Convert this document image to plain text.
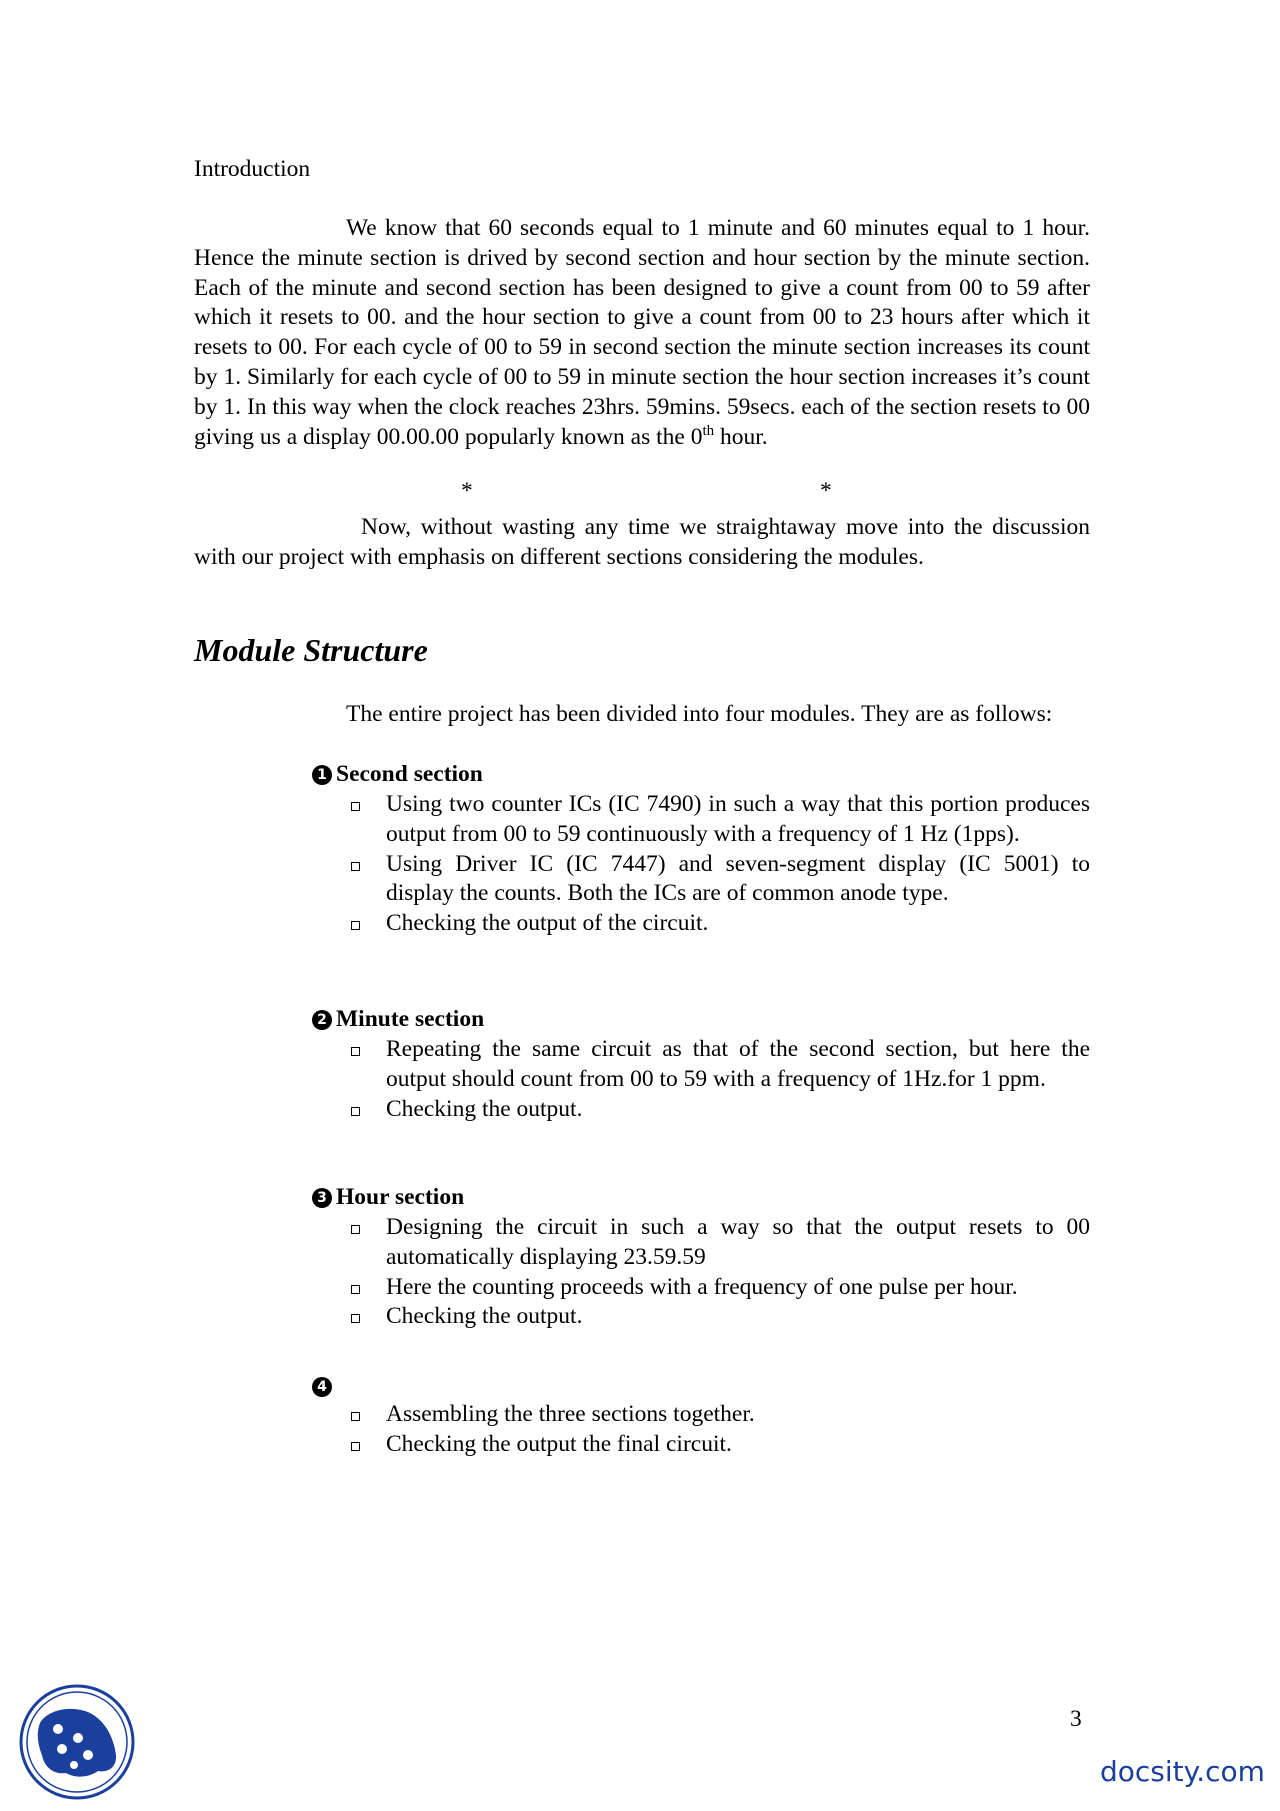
Introduction
We know that 60 seconds equal to 1 minute and 60 minutes equal to 1 hour. Hence the minute section is drived by second section and hour section by the minute section. Each of the minute and second section has been designed to give a count from 00 to 59 after which it resets to 00. and the hour section to give a count from 00 to 23 hours after which it resets to 00. For each cycle of 00 to 59 in second section the minute section increases its count by 1. Similarly for each cycle of 00 to 59 in minute section the hour section increases it’s count by 1. In this way when the clock reaches 23hrs. 59mins. 59secs. each of the section resets to 00 giving us a display 00.00.00 popularly known as the 0th hour.
*	*
Now, without wasting any time we straightaway move into the discussion with our project with emphasis on different sections considering the modules.
Module Structure
The entire project has been divided into four modules. They are as follows:
1 Second section
Using two counter ICs (IC 7490) in such a way that this portion produces output from 00 to 59 continuously with a frequency of 1 Hz (1pps).
Using Driver IC (IC 7447) and seven-segment display (IC 5001) to display the counts. Both the ICs are of common anode type.
Checking the output of the circuit.
2 Minute section
Repeating the same circuit as that of the second section, but here the output should count from 00 to 59 with a frequency of 1Hz.for 1 ppm.
Checking the output.
3 Hour section
Designing the circuit in such a way so that the output resets to 00 automatically displaying 23.59.59
Here the counting proceeds with a frequency of one pulse per hour.
Checking the output.
4
Assembling the three sections together.
Checking the output the final circuit.
3
docsity.com
